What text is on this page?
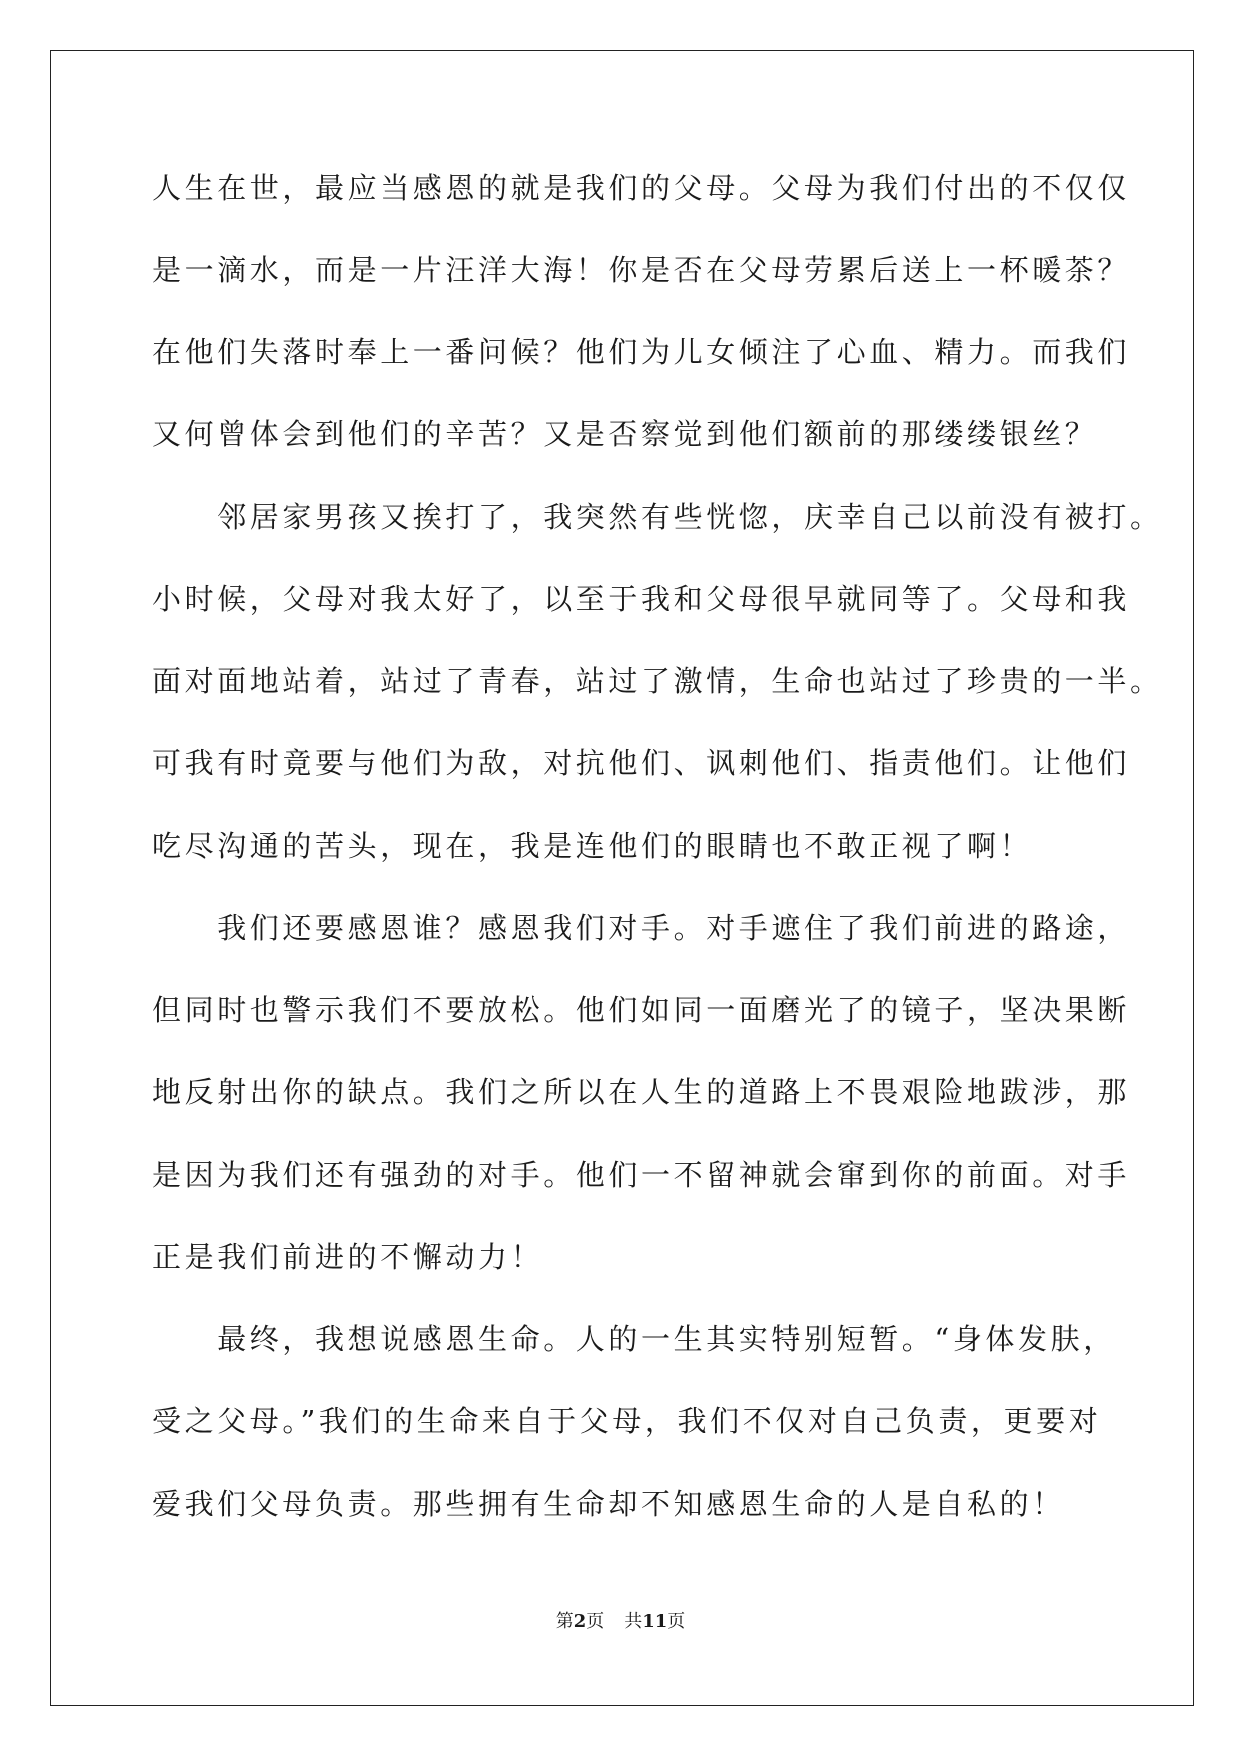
人生在世，最应当感恩的就是我们的父母。父母为我们付出的不仅仅

是一滴水，而是一片汪洋大海！你是否在父母劳累后送上一杯暖茶？

在他们失落时奉上一番问候？他们为儿女倾注了心血、精力。而我们

又何曾体会到他们的辛苦？又是否察觉到他们额前的那缕缕银丝？

　　邻居家男孩又挨打了，我突然有些恍惚，庆幸自己以前没有被打。

小时候，父母对我太好了，以至于我和父母很早就同等了。父母和我

面对面地站着，站过了青春，站过了激情，生命也站过了珍贵的一半。

可我有时竟要与他们为敌，对抗他们、讽刺他们、指责他们。让他们

吃尽沟通的苦头，现在，我是连他们的眼睛也不敢正视了啊！

　　我们还要感恩谁？感恩我们对手。对手遮住了我们前进的路途，

但同时也警示我们不要放松。他们如同一面磨光了的镜子，坚决果断

地反射出你的缺点。我们之所以在人生的道路上不畏艰险地跋涉，那

是因为我们还有强劲的对手。他们一不留神就会窜到你的前面。对手

正是我们前进的不懈动力！

　　最终，我想说感恩生命。人的一生其实特别短暂。“身体发肤，

受之父母。”我们的生命来自于父母，我们不仅对自己负责，更要对

爱我们父母负责。那些拥有生命却不知感恩生命的人是自私的！

第2页 共11页
